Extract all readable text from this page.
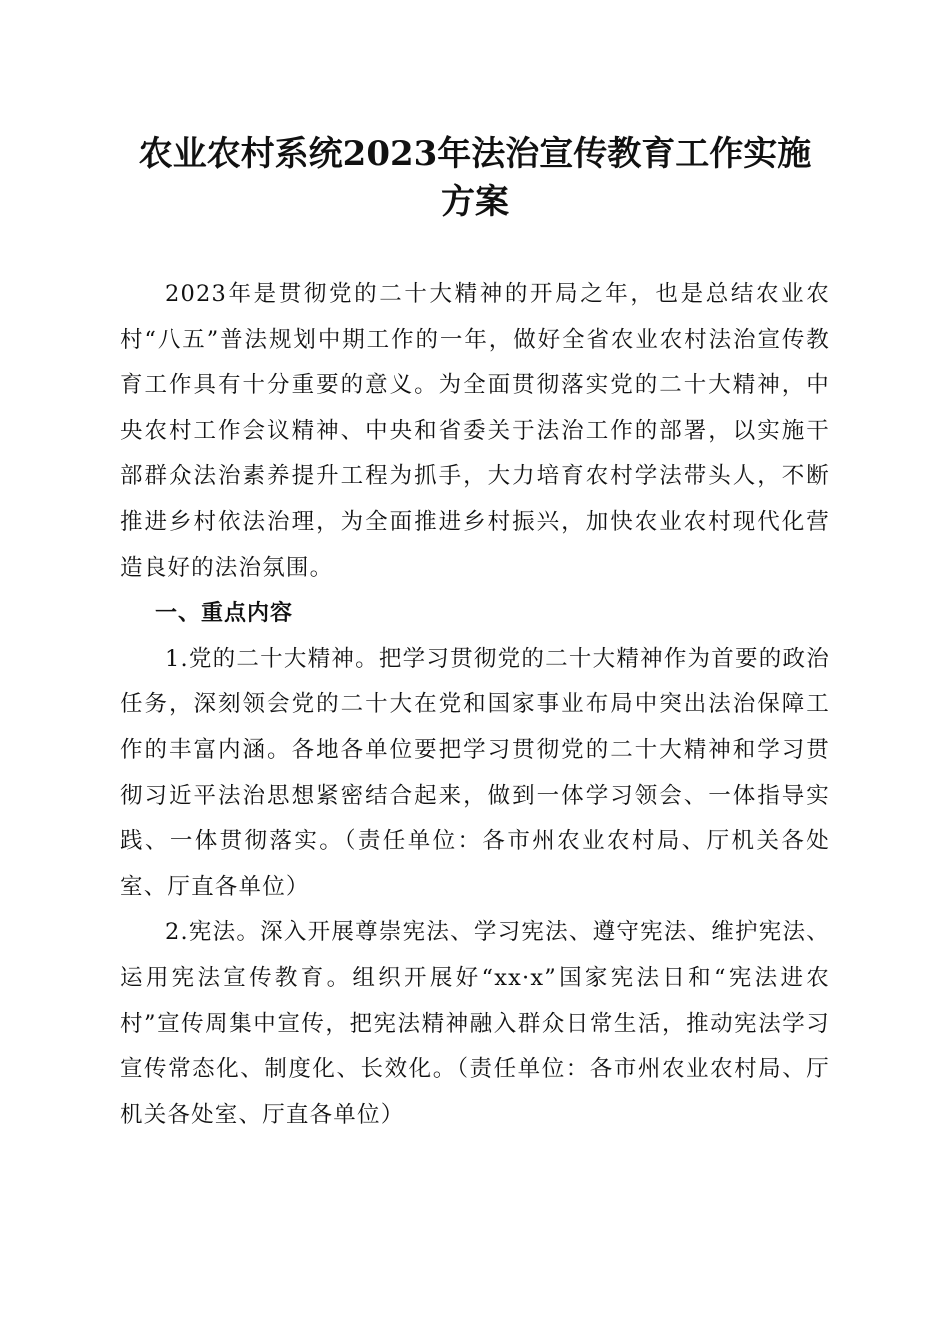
农业农村系统2023年法治宣传教育工作实施
方案

2023年是贯彻党的二十大精神的开局之年，也是总结农业农村“八五”普法规划中期工作的一年，做好全省农业农村法治宣传教育工作具有十分重要的意义。为全面贯彻落实党的二十大精神，中央农村工作会议精神、中央和省委关于法治工作的部署，以实施干部群众法治素养提升工程为抓手，大力培育农村学法带头人，不断推进乡村依法治理，为全面推进乡村振兴，加快农业农村现代化营造良好的法治氛围。

一、重点内容

1.党的二十大精神。把学习贯彻党的二十大精神作为首要的政治任务，深刻领会党的二十大在党和国家事业布局中突出法治保障工作的丰富内涵。各地各单位要把学习贯彻党的二十大精神和学习贯彻习近平法治思想紧密结合起来，做到一体学习领会、一体指导实践、一体贯彻落实。（责任单位：各市州农业农村局、厅机关各处室、厅直各单位）

2.宪法。深入开展尊崇宪法、学习宪法、遵守宪法、维护宪法、运用宪法宣传教育。组织开展好“xx·x”国家宪法日和“宪法进农村”宣传周集中宣传，把宪法精神融入群众日常生活，推动宪法学习宣传常态化、制度化、长效化。（责任单位：各市州农业农村局、厅机关各处室、厅直各单位）
